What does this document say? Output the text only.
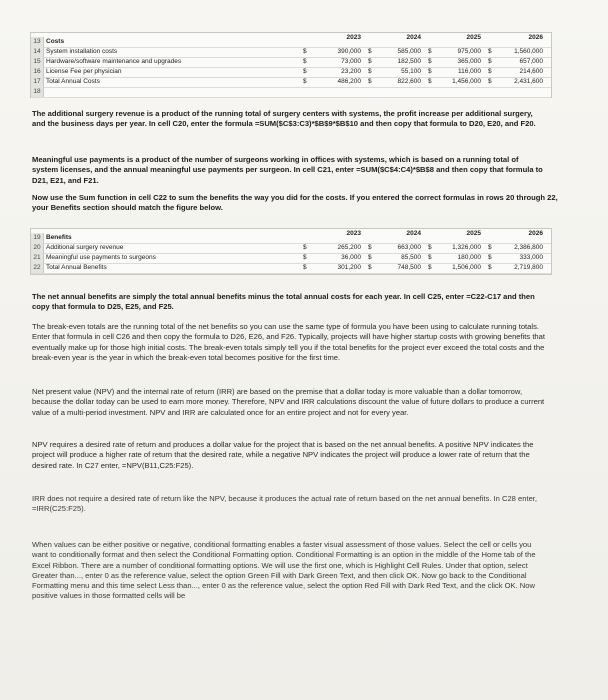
2023	2024	2025	2026
13 Costs
14 System installation costs	$	390,000 $	585,000 $	975,000 $	1,560,000
15 Hardware/software maintenance and upgrades	$	73,000 $	182,500 $	365,000 $	657,000
16 License Fee per physician	$	23,200 $	55,100 $	116,000 $	214,600
17 Total Annual Costs	$	486,200 $	822,600 $	1,456,000 $	2,431,600
18

The additional surgery revenue is a product of the running total of surgery centers with systems, the profit increase per additional surgery, and the business days per year. In cell C20, enter the formula =SUM($C$3:C3)*$B$9*$B$10 and then copy that formula to D20, E20, and F20.

Meaningful use payments is a product of the number of surgeons working in offices with systems, which is based on a running total of system licenses, and the annual meaningful use payments per surgeon. In cell C21, enter =SUM($C$4:C4)*$B$8 and then copy that formula to D21, E21, and F21.

Now use the Sum function in cell C22 to sum the benefits the way you did for the costs. If you entered the correct formulas in rows 20 through 22, your Benefits section should match the figure below.

2023	2024	2025	2026
19 Benefits
20 Additional surgery revenue	$	265,200 $	663,000 $	1,326,000 $	2,386,800
21 Meaningful use payments to surgeons	$	36,000 $	85,500 $	180,000 $	333,000
22 Total Annual Benefits	$	301,200 $	748,500 $	1,506,000 $	2,719,800

The net annual benefits are simply the total annual benefits minus the total annual costs for each year. In cell C25, enter =C22-C17 and then copy that formula to D25, E25, and F25.

The break-even totals are the running total of the net benefits so you can use the same type of formula you have been using to calculate running totals. Enter that formula in cell C26 and then copy the formula to D26, E26, and F26. Typically, projects will have higher startup costs with growing benefits that eventually make up for those high initial costs. The break-even totals simply tell you if the total benefits for the project ever exceed the total costs and the break-even year is the year in which the break-even total becomes positive for the first time.

Net present value (NPV) and the internal rate of return (IRR) are based on the premise that a dollar today is more valuable than a dollar tomorrow, because the dollar today can be used to earn more money. Therefore, NPV and IRR calculations discount the value of future dollars to produce a current value of a multi-period investment. NPV and IRR are calculated once for an entire project and not for every year.

NPV requires a desired rate of return and produces a dollar value for the project that is based on the net annual benefits. A positive NPV indicates the project will produce a higher rate of return that the desired rate, while a negative NPV indicates the project will produce a lower rate of return that the desired rate. In C27 enter, =NPV(B11,C25:F25).

IRR does not require a desired rate of return like the NPV, because it produces the actual rate of return based on the net annual benefits. In C28 enter, =IRR(C25:F25).

When values can be either positive or negative, conditional formatting enables a faster visual assessment of those values. Select the cell or cells you want to conditionally format and then select the Conditional Formatting option. Conditional Formatting is an option in the middle of the Home tab of the Excel Ribbon. There are a number of conditional formatting options. We will use the first one, which is Highlight Cell Rules. Under that option, select Greater than..., enter 0 as the reference value, select the option Green Fill with Dark Green Text, and then click OK. Now go back to the Conditional Formatting menu and this time select Less than..., enter 0 as the reference value, select the option Red Fill with Dark Red Text, and the click OK. Now positive values in those formatted cells will be
